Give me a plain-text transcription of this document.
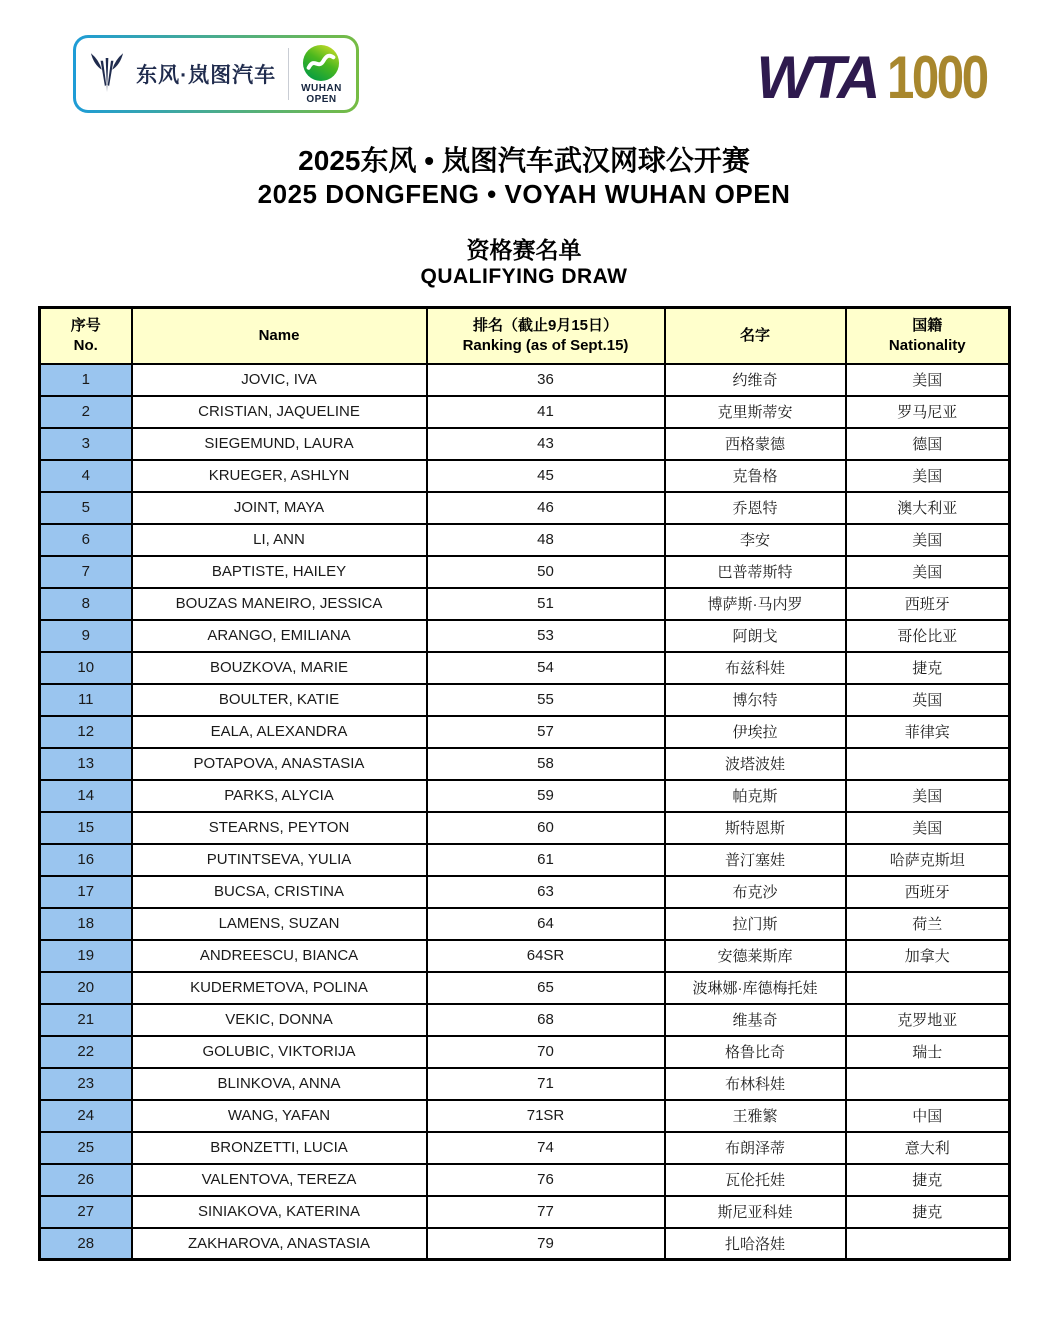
东风·岚图汽车
WUHAN
OPEN	WTA 1000
2025东风 • 岚图汽车武汉网球公开赛
2025 DONGFENG • VOYAH WUHAN OPEN
资格赛名单
QUALIFYING DRAW
序号
No.

Name

排名（截止9月15日）
Ranking (as of Sept.15)

名字

国籍
Nationality

1	JOVIC, IVA	36	约维奇	美国
2	CRISTIAN, JAQUELINE	41	克里斯蒂安	罗马尼亚
3	SIEGEMUND, LAURA	43	西格蒙德	德国
4	KRUEGER, ASHLYN	45	克鲁格	美国
5	JOINT, MAYA	46	乔恩特	澳大利亚
6	LI, ANN	48	李安	美国
7	BAPTISTE, HAILEY	50	巴普蒂斯特	美国
8	BOUZAS MANEIRO, JESSICA	51	博萨斯·马内罗	西班牙
9	ARANGO, EMILIANA	53	阿朗戈	哥伦比亚
10	BOUZKOVA, MARIE	54	布兹科娃	捷克
11	BOULTER, KATIE	55	博尔特	英国
12	EALA, ALEXANDRA	57	伊埃拉	菲律宾
13	POTAPOVA, ANASTASIA	58	波塔波娃	
14	PARKS, ALYCIA	59	帕克斯	美国
15	STEARNS, PEYTON	60	斯特恩斯	美国
16	PUTINTSEVA, YULIA	61	普汀塞娃	哈萨克斯坦
17	BUCSA, CRISTINA	63	布克沙	西班牙
18	LAMENS, SUZAN	64	拉门斯	荷兰
19	ANDREESCU, BIANCA	64SR	安德莱斯库	加拿大
20	KUDERMETOVA, POLINA	65	波琳娜·库德梅托娃	
21	VEKIC, DONNA	68	维基奇	克罗地亚
22	GOLUBIC, VIKTORIJA	70	格鲁比奇	瑞士
23	BLINKOVA, ANNA	71	布林科娃	
24	WANG, YAFAN	71SR	王雅繁	中国
25	BRONZETTI, LUCIA	74	布朗泽蒂	意大利
26	VALENTOVA, TEREZA	76	瓦伦托娃	捷克
27	SINIAKOVA, KATERINA	77	斯尼亚科娃	捷克
28	ZAKHAROVA, ANASTASIA	79	扎哈洛娃	
